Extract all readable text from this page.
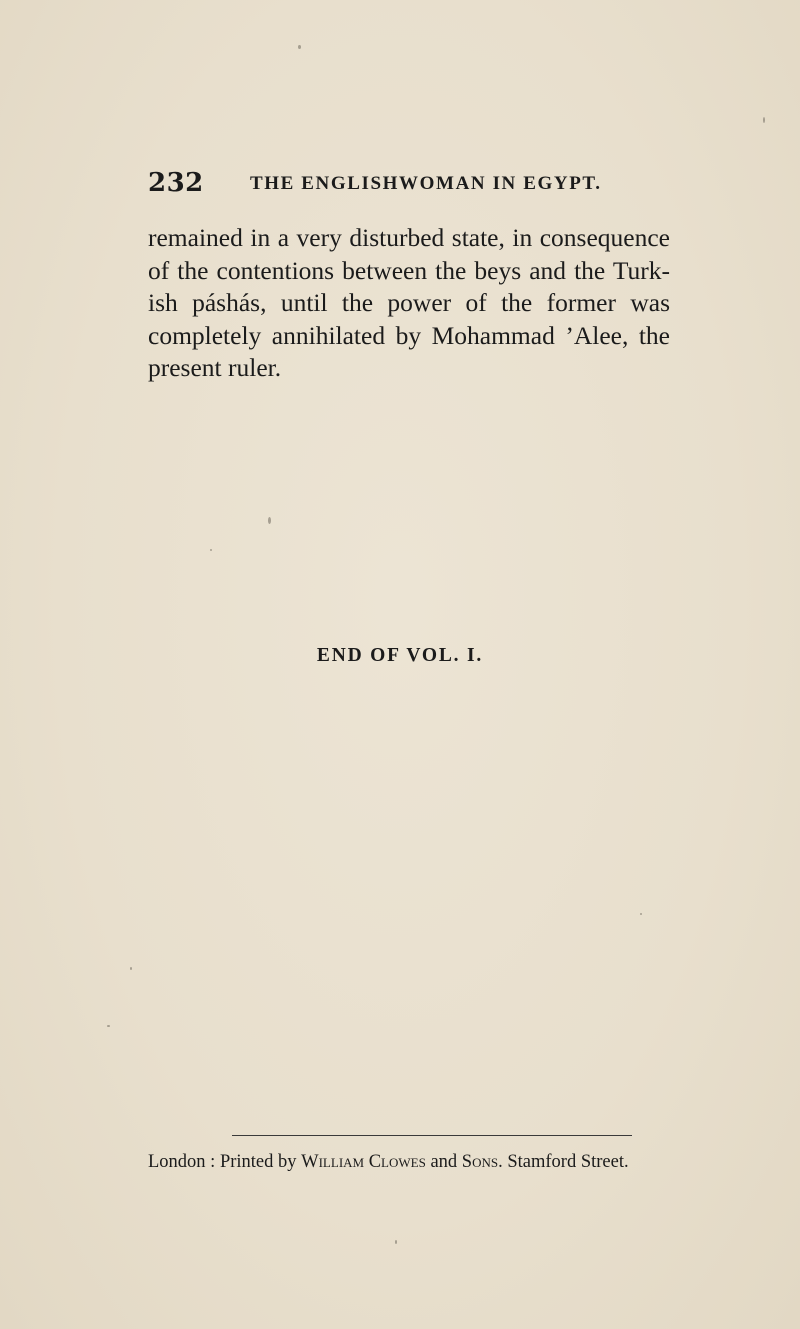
232 THE ENGLISHWOMAN IN EGYPT.
remained in a very disturbed state, in consequence
of the contentions between the beys and the Turk-
ish páshás, until the power of the former was
completely annihilated by Mohammad ’Alee, the
present ruler.
END OF VOL. I.
London : Printed by William Clowes and Sons. Stamford Street.
